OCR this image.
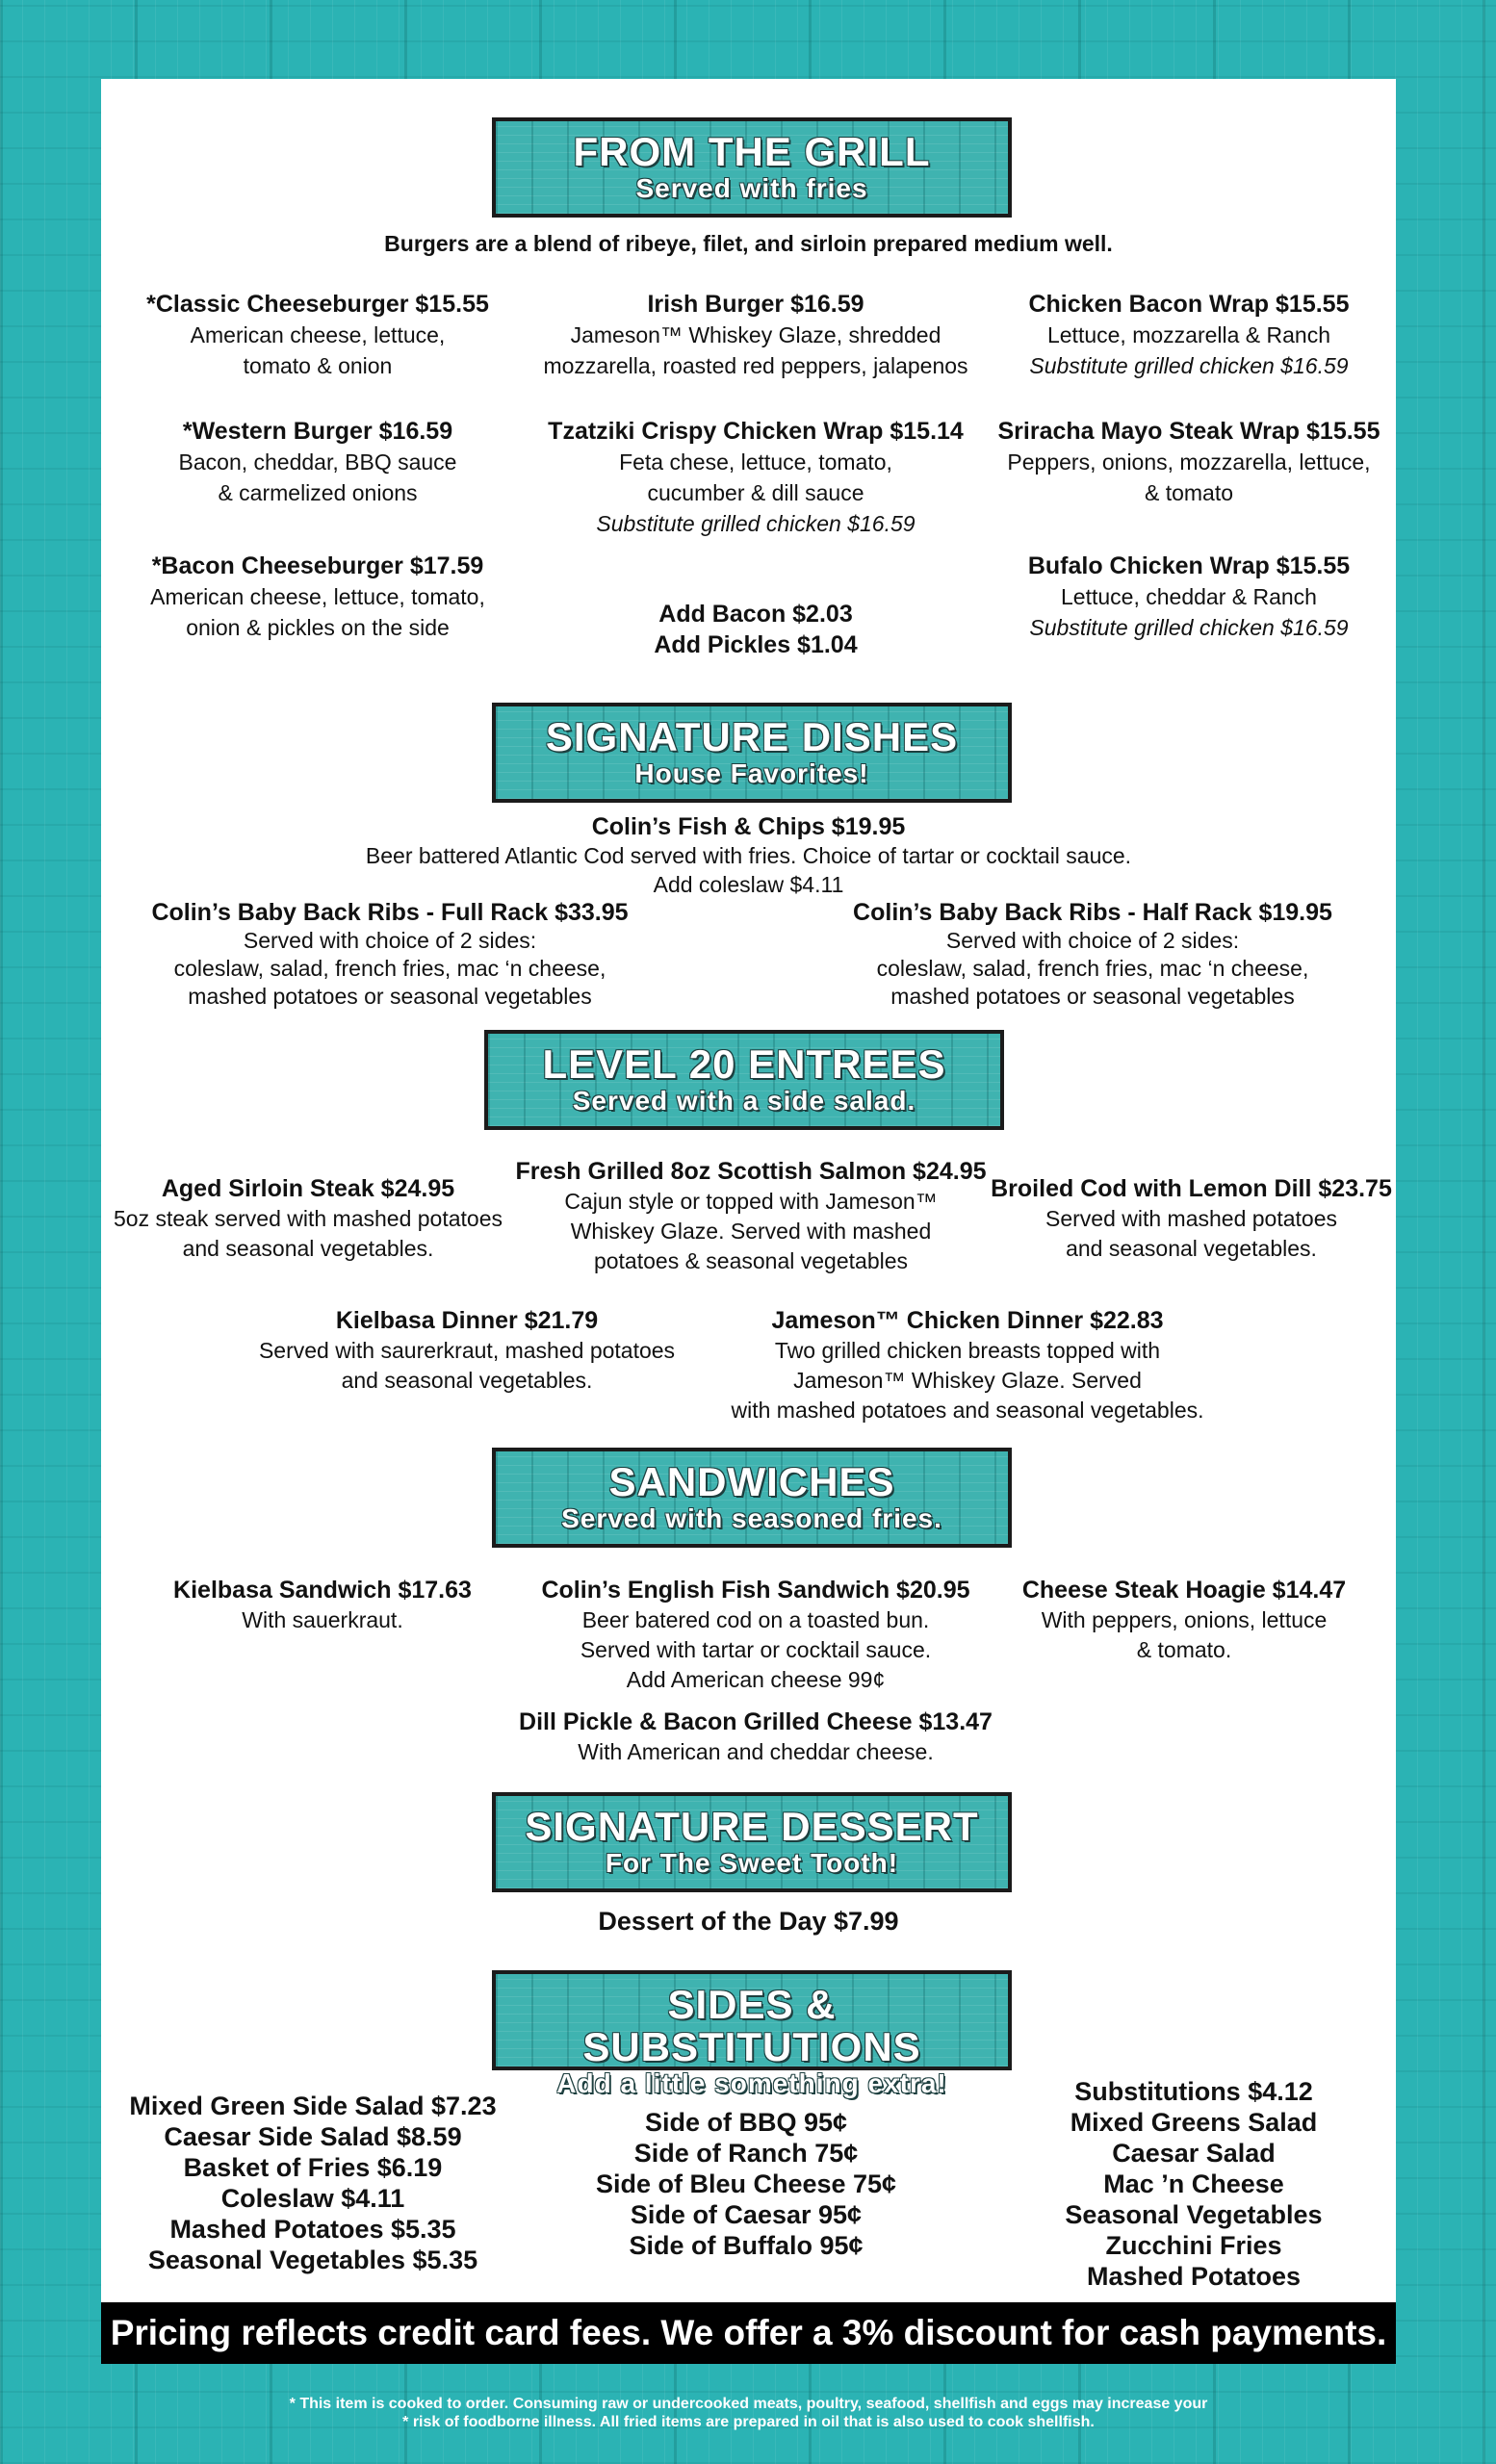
FROM THE GRILL
Served with fries
Burgers are a blend of ribeye, filet, and sirloin prepared medium well.
*Classic Cheeseburger $15.55
American cheese, lettuce,
tomato & onion
Irish Burger $16.59
Jameson™ Whiskey Glaze, shredded
mozzarella, roasted red peppers, jalapenos
Chicken Bacon Wrap $15.55
Lettuce, mozzarella & Ranch
Substitute grilled chicken $16.59
*Western Burger $16.59
Bacon, cheddar, BBQ sauce
& carmelized onions
Tzatziki Crispy Chicken Wrap $15.14
Feta chese, lettuce, tomato,
cucumber & dill sauce
Substitute grilled chicken $16.59
Sriracha Mayo Steak Wrap $15.55
Peppers, onions, mozzarella, lettuce,
& tomato
*Bacon Cheeseburger $17.59
American cheese, lettuce, tomato,
onion & pickles on the side	Add Bacon $2.03
Add Pickles $1.04
Bufalo Chicken Wrap $15.55
Lettuce, cheddar & Ranch
Substitute grilled chicken $16.59
SIGNATURE DISHES
House Favorites!
Colin’s Fish & Chips $19.95
Beer battered Atlantic Cod served with fries. Choice of tartar or cocktail sauce.
Add coleslaw $4.11
Colin’s Baby Back Ribs - Full Rack $33.95
Served with choice of 2 sides:
coleslaw, salad, french fries, mac ‘n cheese,
mashed potatoes or seasonal vegetables
Colin’s Baby Back Ribs - Half Rack $19.95
Served with choice of 2 sides:
coleslaw, salad, french fries, mac ‘n cheese,
mashed potatoes or seasonal vegetables
LEVEL 20 ENTREES
Served with a side salad.
Aged Sirloin Steak $24.95
5oz steak served with mashed potatoes
and seasonal vegetables.
Fresh Grilled 8oz Scottish Salmon $24.95
Cajun style or topped with Jameson™
Whiskey Glaze. Served with mashed
potatoes & seasonal vegetables
Broiled Cod with Lemon Dill $23.75
Served with mashed potatoes
and seasonal vegetables.
Kielbasa Dinner $21.79
Served with saurerkraut, mashed potatoes
and seasonal vegetables.
Jameson™ Chicken Dinner $22.83
Two grilled chicken breasts topped with
Jameson™ Whiskey Glaze. Served
with mashed potatoes and seasonal vegetables.
SANDWICHES
Served with seasoned fries.
Kielbasa Sandwich $17.63
With sauerkraut.
Colin’s English Fish Sandwich $20.95
Beer batered cod on a toasted bun.
Served with tartar or cocktail sauce.
Add American cheese 99¢
Cheese Steak Hoagie $14.47
With peppers, onions, lettuce
& tomato.
Dill Pickle & Bacon Grilled Cheese $13.47
With American and cheddar cheese.
SIGNATURE DESSERT
For The Sweet Tooth!
Dessert of the Day $7.99
SIDES & SUBSTITUTIONS
Add a little something extra!
Mixed Green Side Salad $7.23
Caesar Side Salad $8.59
Basket of Fries $6.19
Coleslaw $4.11
Mashed Potatoes $5.35
Seasonal Vegetables $5.35
Side of BBQ 95¢
Side of Ranch 75¢
Side of Bleu Cheese 75¢
Side of Caesar 95¢
Side of Buffalo 95¢
Substitutions $4.12
Mixed Greens Salad
Caesar Salad
Mac ’n Cheese
Seasonal Vegetables
Zucchini Fries
Mashed Potatoes
Pricing reflects credit card fees. We offer a 3% discount for cash payments.
* This item is cooked to order. Consuming raw or undercooked meats, poultry, seafood, shellfish and eggs may increase your
* risk of foodborne illness. All fried items are prepared in oil that is also used to cook shellfish.
